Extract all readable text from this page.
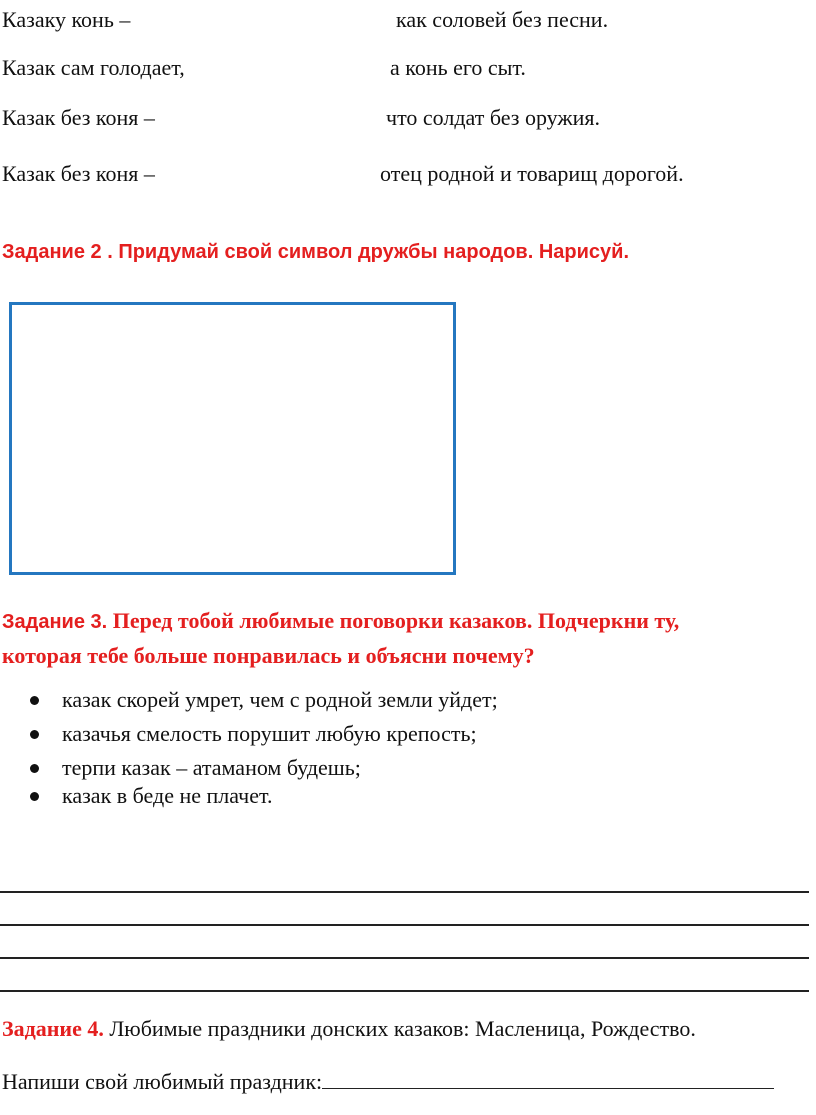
Казаку конь –	как соловей без песни.
Казак сам голодает,	а конь его сыт.
Казак без коня –	что солдат без оружия.
Казак без коня –	отец родной и товарищ дорогой.
Задание 2 . Придумай свой символ дружбы народов. Нарисуй.
Задание 3. Перед тобой любимые поговорки казаков. Подчеркни ту,
которая тебе больше понравилась и объясни почему?
казак скорей умрет, чем с родной земли уйдет;
казачья смелость порушит любую крепость;
терпи казак – атаманом будешь;
казак в беде не плачет.
Задание 4. Любимые праздники донских казаков: Масленица, Рождество.
Напиши свой любимый праздник:
